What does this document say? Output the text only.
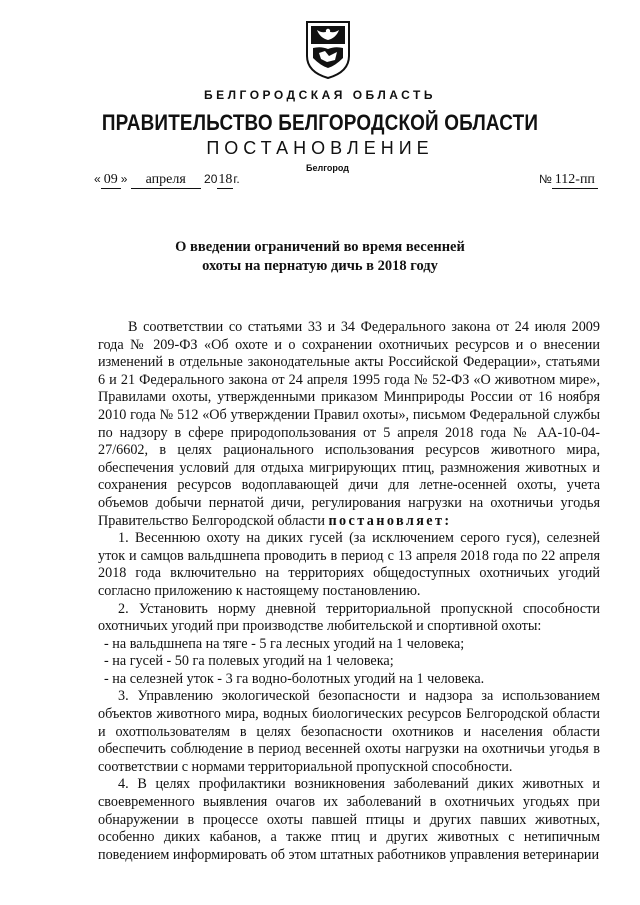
БЕЛГОРОДСКАЯ ОБЛАСТЬ
ПРАВИТЕЛЬСТВО БЕЛГОРОДСКОЙ ОБЛАСТИ
ПОСТАНОВЛЕНИЕ
Белгород
« 09 » апреля 2018г.	№ 112-пп
О введении ограничений во время весенней
охоты на пернатую дичь в 2018 году

В соответствии со статьями 33 и 34 Федерального закона от 24 июля 2009 года № 209-ФЗ «Об охоте и о сохранении охотничьих ресурсов и о внесении изменений в отдельные законодательные акты Российской Федерации», статьями 6 и 21 Федерального закона от 24 апреля 1995 года № 52-ФЗ «О животном мире», Правилами охоты, утвержденными приказом Минприроды России от 16 ноября 2010 года № 512 «Об утверждении Правил охоты», письмом Федеральной службы по надзору в сфере природопользования от 5 апреля 2018 года № АА-10-04-27/6602, в целях рационального использования ресурсов животного мира, обеспечения условий для отдыха мигрирующих птиц, размножения животных и сохранения ресурсов водоплавающей дичи для летне-осенней охоты, учета объемов добычи пернатой дичи, регулирования нагрузки на охотничьи угодья Правительство Белгородской области постановляет:

1. Весеннюю охоту на диких гусей (за исключением серого гуся), селезней уток и самцов вальдшнепа проводить в период с 13 апреля 2018 года по 22 апреля 2018 года включительно на территориях общедоступных охотничьих угодий согласно приложению к настоящему постановлению.

2. Установить норму дневной территориальной пропускной способности охотничьих угодий при производстве любительской и спортивной охоты:

- на вальдшнепа на тяге - 5 га лесных угодий на 1 человека;

- на гусей - 50 га полевых угодий на 1 человека;

- на селезней уток - 3 га водно-болотных угодий на 1 человека.

3. Управлению экологической безопасности и надзора за использованием объектов животного мира, водных биологических ресурсов Белгородской области и охотпользователям в целях безопасности охотников и населения области обеспечить соблюдение в период весенней охоты нагрузки на охотничьи угодья в соответствии с нормами территориальной пропускной способности.

4. В целях профилактики возникновения заболеваний диких животных и своевременного выявления очагов их заболеваний в охотничьих угодьях при обнаружении в процессе охоты павшей птицы и других павших животных, особенно диких кабанов, а также птиц и других животных с нетипичным поведением информировать об этом штатных работников управления ветеринарии
